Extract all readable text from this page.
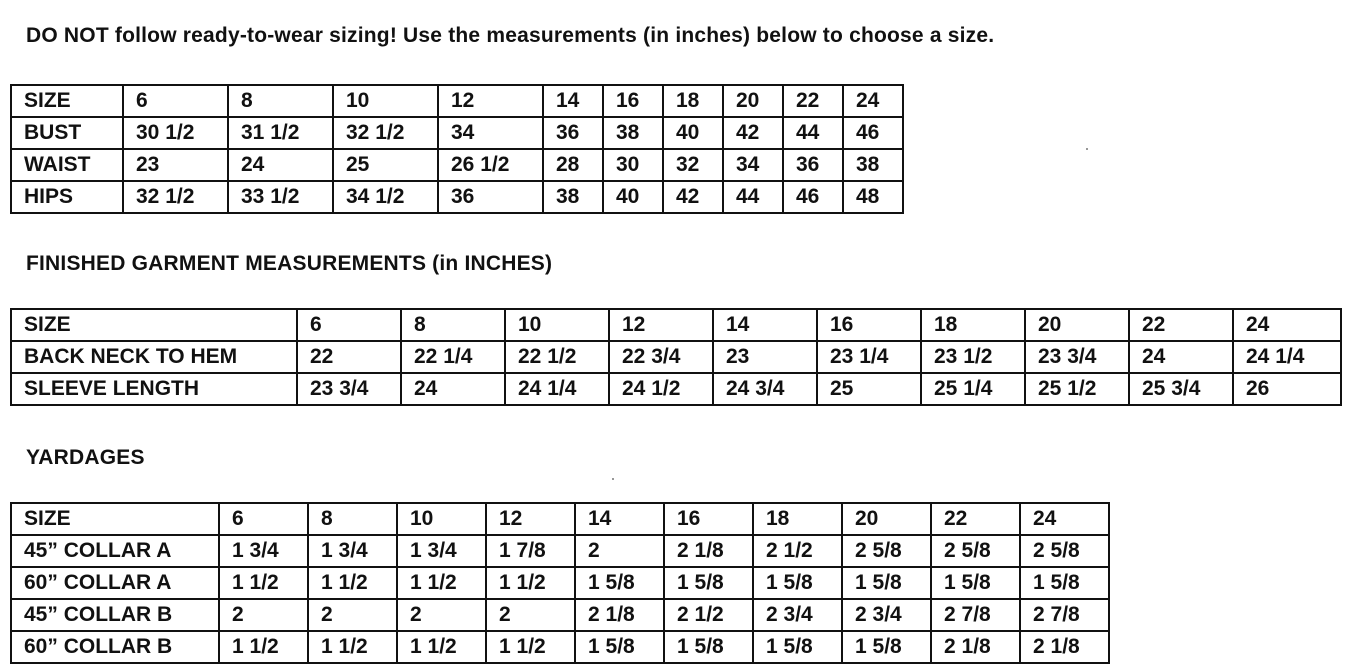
DO NOT follow ready-to-wear sizing! Use the measurements (in inches) below to choose a size.
SIZE	6	8	10	12	14	16	18	20	22	24
BUST	30 1/2	31 1/2	32 1/2	34	36	38	40	42	44	46
WAIST	23	24	25	26 1/2	28	30	32	34	36	38
HIPS	32 1/2	33 1/2	34 1/2	36	38	40	42	44	46	48
FINISHED GARMENT MEASUREMENTS (in INCHES)
SIZE	6	8	10	12	14	16	18	20	22	24
BACK NECK TO HEM	22	22 1/4	22 1/2	22 3/4	23	23 1/4	23 1/2	23 3/4	24	24 1/4
SLEEVE LENGTH	23 3/4	24	24 1/4	24 1/2	24 3/4	25	25 1/4	25 1/2	25 3/4	26
YARDAGES
SIZE	6	8	10	12	14	16	18	20	22	24
45” COLLAR A	1 3/4	1 3/4	1 3/4	1 7/8	2	2 1/8	2 1/2	2 5/8	2 5/8	2 5/8
60” COLLAR A	1 1/2	1 1/2	1 1/2	1 1/2	1 5/8	1 5/8	1 5/8	1 5/8	1 5/8	1 5/8
45” COLLAR B	2	2	2	2	2 1/8	2 1/2	2 3/4	2 3/4	2 7/8	2 7/8
60” COLLAR B	1 1/2	1 1/2	1 1/2	1 1/2	1 5/8	1 5/8	1 5/8	1 5/8	2 1/8	2 1/8
